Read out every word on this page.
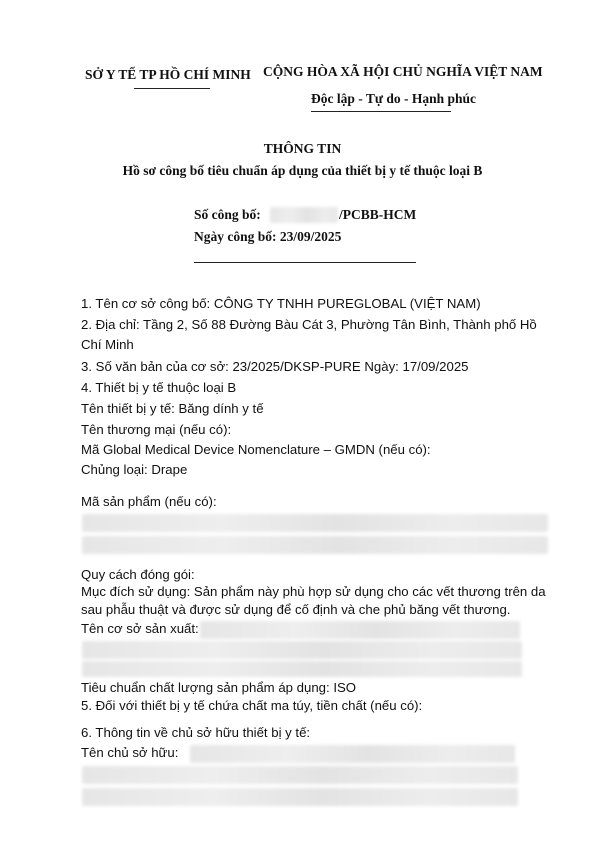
SỞ Y TẾ TP HỒ CHÍ MINH CỘNG HÒA XÃ HỘI CHỦ NGHĨA VIỆT NAM
Độc lập - Tự do - Hạnh phúc
THÔNG TIN
Hồ sơ công bố tiêu chuẩn áp dụng của thiết bị y tế thuộc loại B
Số công bố:	/PCBB-HCM
Ngày công bố: 23/09/2025
1. Tên cơ sở công bố: CÔNG TY TNHH PUREGLOBAL (VIỆT NAM)
2. Địa chỉ: Tầng 2, Số 88 Đường Bàu Cát 3, Phường Tân Bình, Thành phố Hồ
Chí Minh
3. Số văn bản của cơ sở: 23/2025/DKSP-PURE Ngày: 17/09/2025
4. Thiết bị y tế thuộc loại B
Tên thiết bị y tế: Băng dính y tế
Tên thương mại (nếu có):
Mã Global Medical Device Nomenclature – GMDN (nếu có):
Chủng loại: Drape
Mã sản phẩm (nếu có):
Quy cách đóng gói:
Mục đích sử dụng: Sản phẩm này phù hợp sử dụng cho các vết thương trên da
sau phẫu thuật và được sử dụng để cố định và che phủ băng vết thương.
Tên cơ sở sản xuất:
Tiêu chuẩn chất lượng sản phẩm áp dụng: ISO
5. Đối với thiết bị y tế chứa chất ma túy, tiền chất (nếu có):
6. Thông tin về chủ sở hữu thiết bị y tế:
Tên chủ sở hữu:
